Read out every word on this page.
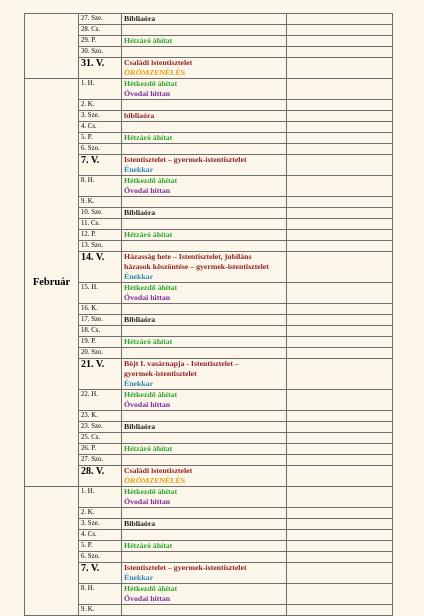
	27. Sze.	Bibliaóra	

	28. Cs.		
	29. P.	Hétzáró áhítat	

	30. Szo.		
	31. V.	Családi istentisztelet
ÖRÖMZENÉLÉS	

Február	1. H.	Hétkezdő áhítat
Óvodai hittan	

	2. K.		
	3. Sze.	bibliaóra	

	4. Cs.		
	5. P.	Hétzáró áhítat	

	6. Szo.		
	7. V.	Istentisztelet – gyermek-istentisztelet
Énekkar	

	8. H.	Hétkezdő áhítat
Óvodai hittan	

	9. K.		
	10. Sze.	Bibliaóra	

	11. Cs.		
	12. P.	Hétzáró áhítat	

	13. Szo.		
	14. V.	Házasság hete – Istentisztelet, jubiláns
házasok köszöntése – gyermek-istentisztelet
Énekkar	

	15. H.	Hétkezdő áhítat
Óvodai hittan	

	16. K.		
	17. Sze.	Bibliaóra	

	18. Cs.		
	19. P.	Hétzáró áhítat	

	20. Szo.		
	21. V.	Böjt I. vasárnapja - Istentisztelet –
gyermek-istentisztelet
Énekkar	

	22. H.	Hétkezdő áhítat
Óvodai hittan	

	23. K.		
	23. Sze.	Bibliaóra	

	25. Cs.		
	26. P.	Hétzáró áhítat	

	27. Szo.		
	28. V.	Családi istentisztelet
ÖRÖMZENÉLÉS	

	1. H.	Hétkezdő áhítat
Óvodai hittan	

	2. K.		
	3. Sze.	Bibliaóra	

	4. Cs.		
	5. P.	Hétzáró áhítat	

	6. Szo.		
	7. V.	Istentisztelet – gyermek-istentisztelet
Énekkar	

	8. H.	Hétkezdő áhítat
Óvodai hittan	

	9. K.		
